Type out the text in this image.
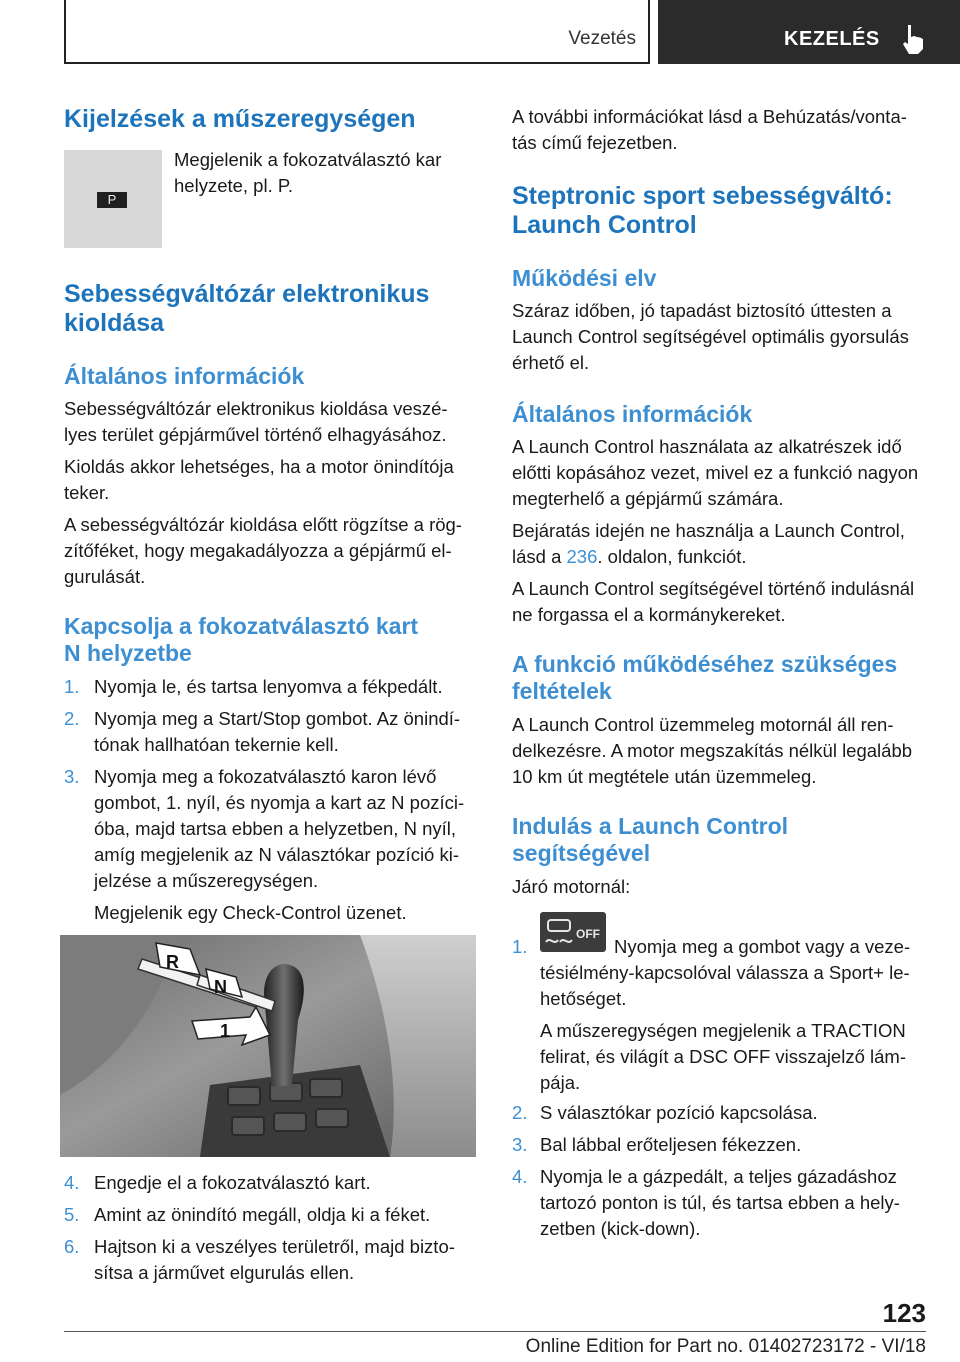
Vezetés	KEZELÉS
Kijelzések a műszeregységen
P
Megjelenik a fokozatválasztó kar
helyzete, pl. P.
Sebességváltózár elektronikus
kioldása
Általános információk
Sebességváltózár elektronikus kioldása veszé-
lyes terület gépjárművel történő elhagyásához.
Kioldás akkor lehetséges, ha a motor önindítója
teker.
A sebességváltózár kioldása előtt rögzítse a rög-
zítőféket, hogy megakadályozza a gépjármű el-
gurulását.
Kapcsolja a fokozatválasztó kart
N helyzetbe
1. Nyomja le, és tartsa lenyomva a fékpedált.
2. Nyomja meg a Start/Stop gombot. Az önindí-
tónak hallhatóan tekernie kell.
3. Nyomja meg a fokozatválasztó karon lévő
gombot, 1. nyíl, és nyomja a kart az N pozíci-
óba, majd tartsa ebben a helyzetben, N nyíl,
amíg megjelenik az N választókar pozíció ki-
jelzése a műszeregységen.
Megjelenik egy Check-Control üzenet.
R
N
1
4. Engedje el a fokozatválasztó kart.
5. Amint az önindító megáll, oldja ki a féket.
6. Hajtson ki a veszélyes területről, majd bizto-
sítsa a járművet elgurulás ellen.
A további információkat lásd a Behúzatás/vonta-
tás című fejezetben.
Steptronic sport sebességváltó:
Launch Control
Működési elv
Száraz időben, jó tapadást biztosító úttesten a
Launch Control segítségével optimális gyorsulás
érhető el.
Általános információk
A Launch Control használata az alkatrészek idő
előtti kopásához vezet, mivel ez a funkció nagyon
megterhelő a gépjármű számára.
Bejáratás idején ne használja a Launch Control,
lásd a 236. oldalon, funkciót.
A Launch Control segítségével történő indulásnál
ne forgassa el a kormánykereket.
A funkció működéséhez szükséges
feltételek
A Launch Control üzemmeleg motornál áll ren-
delkezésre. A motor megszakítás nélkül legalább
10 km út megtétele után üzemmeleg.
Indulás a Launch Control
segítségével
Járó motornál:
1.
OFF
Nyomja meg a gombot vagy a veze-
tésiélmény-kapcsolóval válassza a Sport+ le-
hetőséget.
A műszeregységen megjelenik a TRACTION
felirat, és világít a DSC OFF visszajelző lám-
pája.
2. S választókar pozíció kapcsolása.
3. Bal lábbal erőteljesen fékezzen.
4. Nyomja le a gázpedált, a teljes gázadáshoz
tartozó ponton is túl, és tartsa ebben a hely-
zetben (kick-down).
123
Online Edition for Part no. 01402723172 - VI/18
